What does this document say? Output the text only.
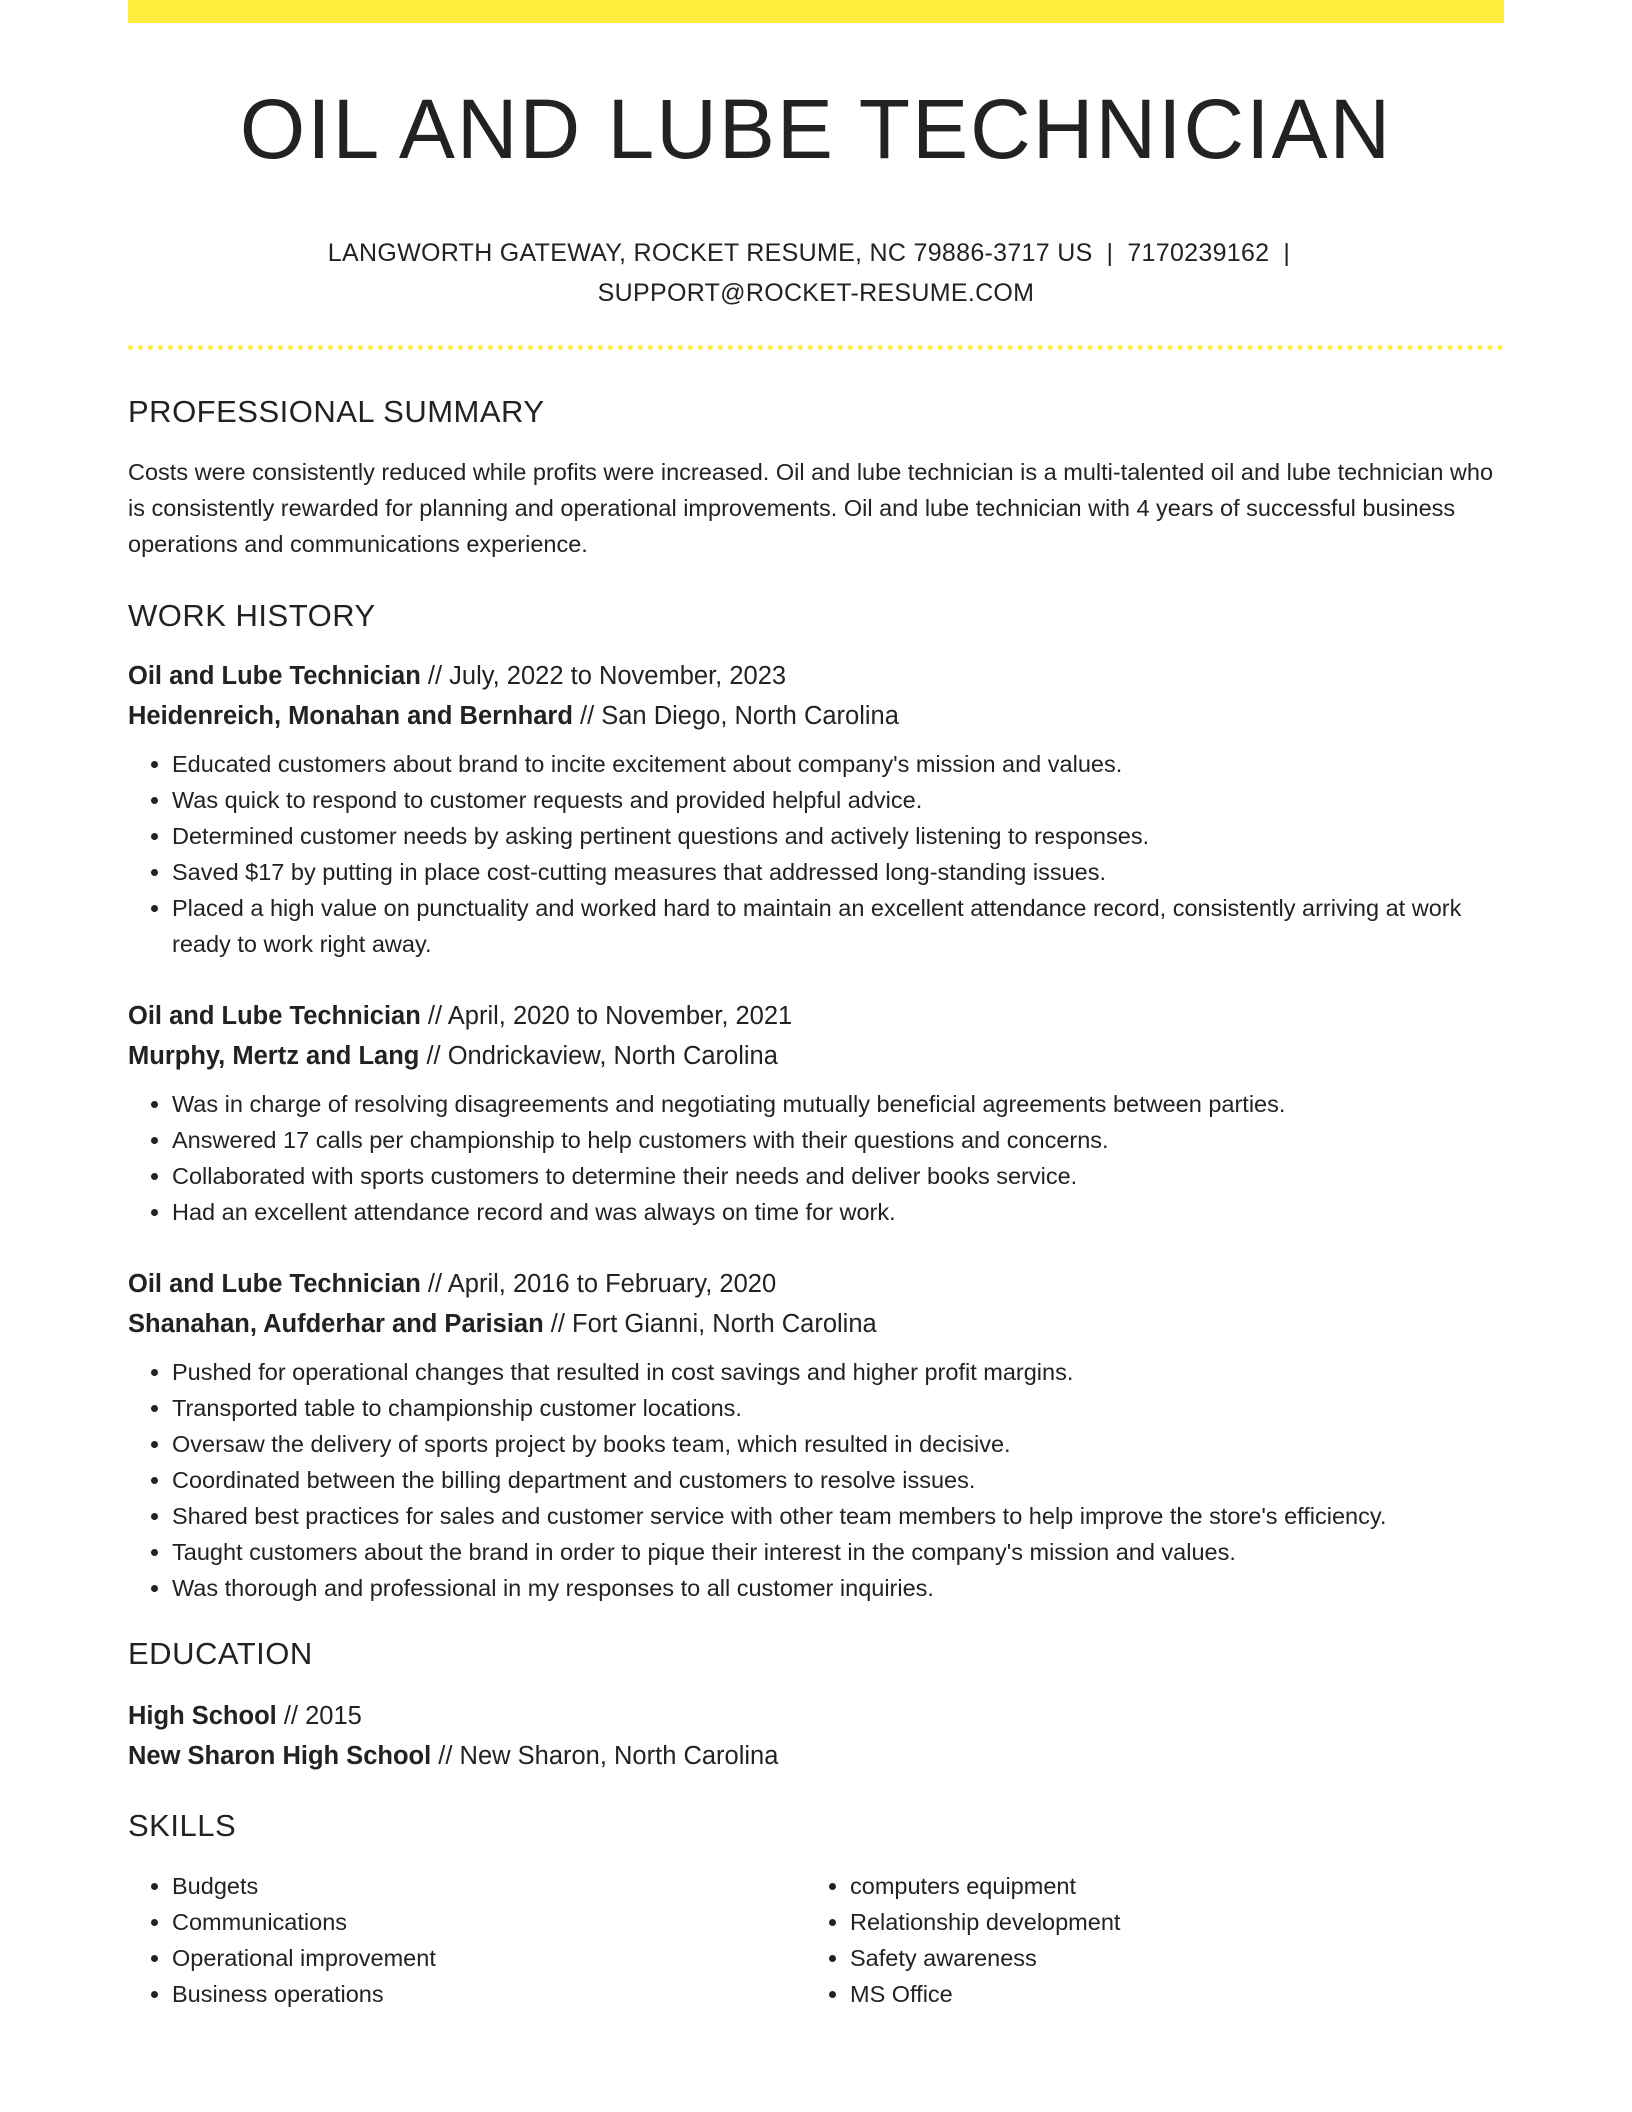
OIL AND LUBE TECHNICIAN
LANGWORTH GATEWAY, ROCKET RESUME, NC 79886-3717 US | 7170239162 |
SUPPORT@ROCKET-RESUME.COM
PROFESSIONAL SUMMARY

Costs were consistently reduced while profits were increased. Oil and lube technician is a multi-talented oil and lube technician who is consistently rewarded for planning and operational improvements. Oil and lube technician with 4 years of successful business operations and communications experience.

WORK HISTORY
Oil and Lube Technician // July, 2022 to November, 2023
Heidenreich, Monahan and Bernhard // San Diego, North Carolina
• Educated customers about brand to incite excitement about company's mission and values.
• Was quick to respond to customer requests and provided helpful advice.
• Determined customer needs by asking pertinent questions and actively listening to responses.
• Saved $17 by putting in place cost-cutting measures that addressed long-standing issues.
• Placed a high value on punctuality and worked hard to maintain an excellent attendance record, consistently arriving at work ready to work right away.
Oil and Lube Technician // April, 2020 to November, 2021
Murphy, Mertz and Lang // Ondrickaview, North Carolina
• Was in charge of resolving disagreements and negotiating mutually beneficial agreements between parties.
• Answered 17 calls per championship to help customers with their questions and concerns.
• Collaborated with sports customers to determine their needs and deliver books service.
• Had an excellent attendance record and was always on time for work.
Oil and Lube Technician // April, 2016 to February, 2020
Shanahan, Aufderhar and Parisian // Fort Gianni, North Carolina
• Pushed for operational changes that resulted in cost savings and higher profit margins.
• Transported table to championship customer locations.
• Oversaw the delivery of sports project by books team, which resulted in decisive.
• Coordinated between the billing department and customers to resolve issues.
• Shared best practices for sales and customer service with other team members to help improve the store's efficiency.
• Taught customers about the brand in order to pique their interest in the company's mission and values.
• Was thorough and professional in my responses to all customer inquiries.
EDUCATION
High School // 2015
New Sharon High School // New Sharon, North Carolina
SKILLS
• Budgets
• Communications
• Operational improvement
• Business operations
• computers equipment
• Relationship development
• Safety awareness
• MS Office
